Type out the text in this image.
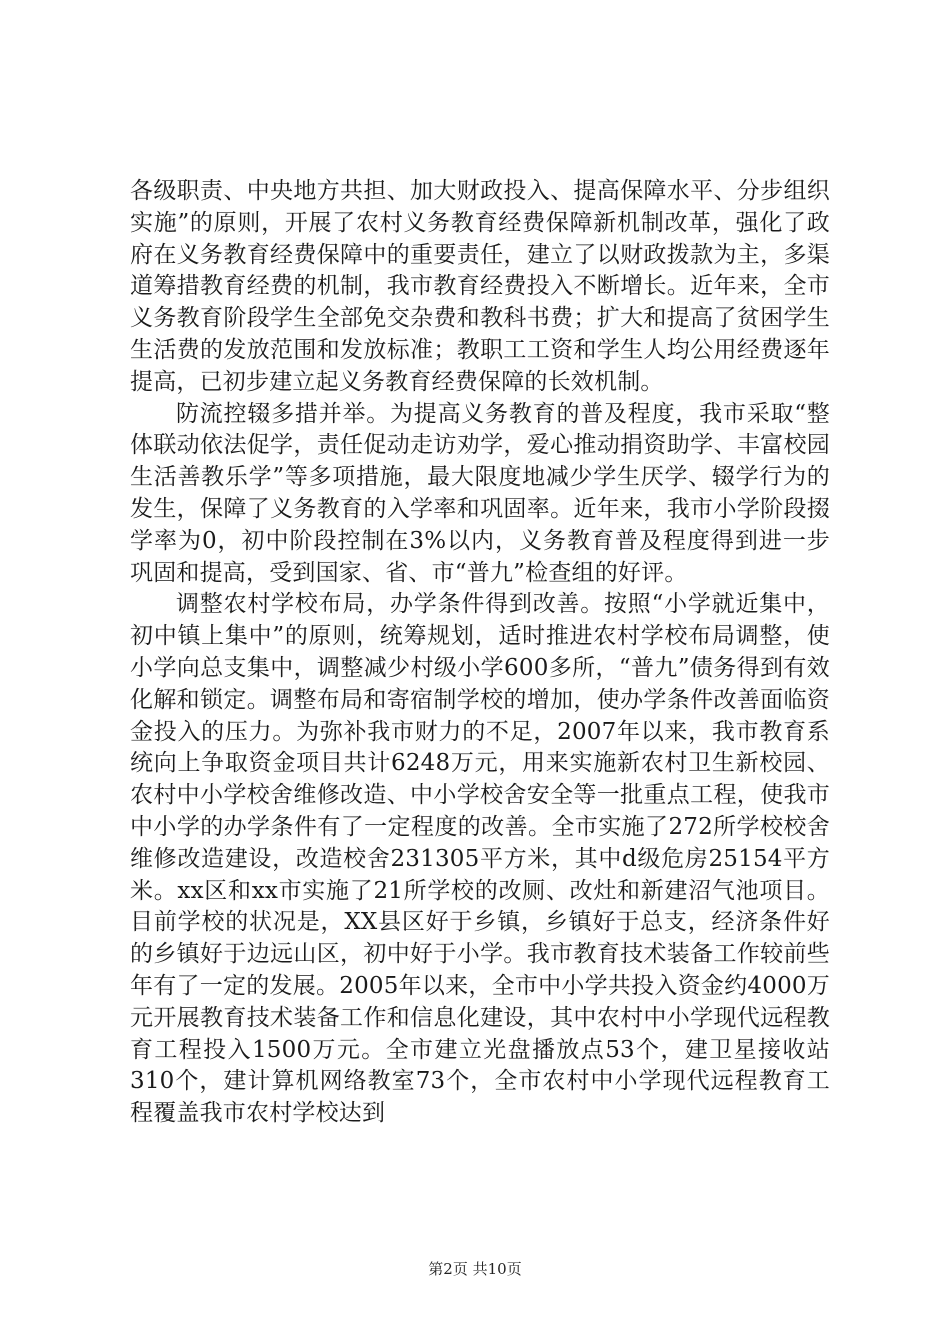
各级职责、中央地方共担、加大财政投入、提高保障水平、分步组织实施”的原则，开展了农村义务教育经费保障新机制改革，强化了政府在义务教育经费保障中的重要责任，建立了以财政拨款为主，多渠道筹措教育经费的机制，我市教育经费投入不断增长。近年来，全市义务教育阶段学生全部免交杂费和教科书费；扩大和提高了贫困学生生活费的发放范围和发放标准；教职工工资和学生人均公用经费逐年提高，已初步建立起义务教育经费保障的长效机制。

防流控辍多措并举。为提高义务教育的普及程度，我市采取“整体联动依法促学，责任促动走访劝学，爱心推动捐资助学、丰富校园生活善教乐学”等多项措施，最大限度地减少学生厌学、辍学行为的发生，保障了义务教育的入学率和巩固率。近年来，我市小学阶段掇学率为0，初中阶段控制在3%以内，义务教育普及程度得到进一步巩固和提高，受到国家、省、市“普九”检查组的好评。

调整农村学校布局，办学条件得到改善。按照“小学就近集中，初中镇上集中”的原则，统筹规划，适时推进农村学校布局调整，使小学向总支集中，调整减少村级小学600多所，“普九”债务得到有效化解和锁定。调整布局和寄宿制学校的增加，使办学条件改善面临资金投入的压力。为弥补我市财力的不足，2007年以来，我市教育系统向上争取资金项目共计6248万元，用来实施新农村卫生新校园、农村中小学校舍维修改造、中小学校舍安全等一批重点工程，使我市中小学的办学条件有了一定程度的改善。全市实施了272所学校校舍维修改造建设，改造校舍231305平方米，其中d级危房25154平方米。xx区和xx市实施了21所学校的改厕、改灶和新建沼气池项目。目前学校的状况是，XX县区好于乡镇，乡镇好于总支，经济条件好的乡镇好于边远山区，初中好于小学。我市教育技术装备工作较前些年有了一定的发展。2005年以来，全市中小学共投入资金约4000万元开展教育技术装备工作和信息化建设，其中农村中小学现代远程教育工程投入1500万元。全市建立光盘播放点53个，建卫星接收站310个，建计算机网络教室73个，全市农村中小学现代远程教育工程覆盖我市农村学校达到

第2页 共10页
